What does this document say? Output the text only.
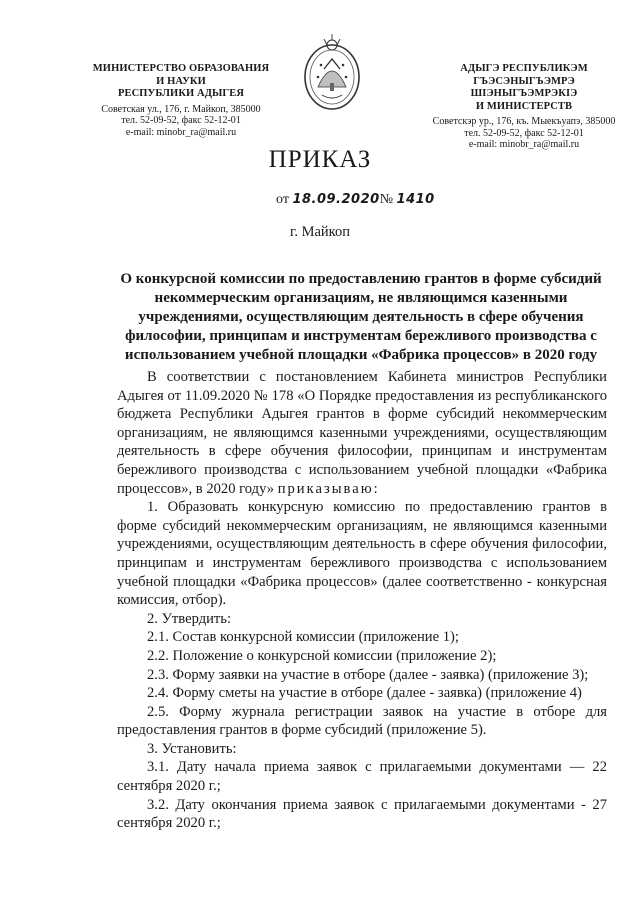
МИНИСТЕРСТВО ОБРАЗОВАНИЯ
И НАУКИ
РЕСПУБЛИКИ АДЫГЕЯ
Советская ул., 176, г. Майкоп, 385000
тел. 52-09-52, факс 52-12-01
e-mail: minobr_ra@mail.ru
АДЫГЭ РЕСПУБЛИКЭМ
ГЪЭСЭНЫГЪЭМРЭ ШІЭНЫГЪЭМРЭКІЭ
И МИНИСТЕРСТВ
Советскэр ур., 176, къ. Мыекъуапэ, 385000
тел. 52-09-52, факс 52-12-01
e-mail: minobr_ra@mail.ru
ПРИКАЗ
от 18.09.2020№ 1410
г. Майкоп
О конкурсной комиссии по предоставлению грантов в форме субсидий некоммерческим организациям, не являющимся казенными учреждениями, осуществляющим деятельность в сфере обучения философии, принципам и инструментам бережливого производства с использованием учебной площадки «Фабрика процессов» в 2020 году

В соответствии с постановлением Кабинета министров Республики Адыгея от 11.09.2020 № 178 «О Порядке предоставления из республиканского бюджета Республики Адыгея грантов в форме субсидий некоммерческим организациям, не являющимся казенными учреждениями, осуществляющим деятельность в сфере обучения философии, принципам и инструментам бережливого производства с использованием учебной площадки «Фабрика процессов», в 2020 году» приказываю:

1. Образовать конкурсную комиссию по предоставлению грантов в форме субсидий некоммерческим организациям, не являющимся казенными учреждениями, осуществляющим деятельность в сфере обучения философии, принципам и инструментам бережливого производства с использованием учебной площадки «Фабрика процессов» (далее соответственно - конкурсная комиссия, отбор).

2. Утвердить:

2.1. Состав конкурсной комиссии (приложение 1);

2.2. Положение о конкурсной комиссии (приложение 2);

2.3. Форму заявки на участие в отборе (далее - заявка) (приложение 3);

2.4. Форму сметы на участие в отборе (далее - заявка) (приложение 4)

2.5. Форму журнала регистрации заявок на участие в отборе для предоставления грантов в форме субсидий (приложение 5).

3. Установить:

3.1. Дату начала приема заявок с прилагаемыми документами — 22 сентября 2020 г.;

3.2. Дату окончания приема заявок с прилагаемыми документами - 27 сентября 2020 г.;
